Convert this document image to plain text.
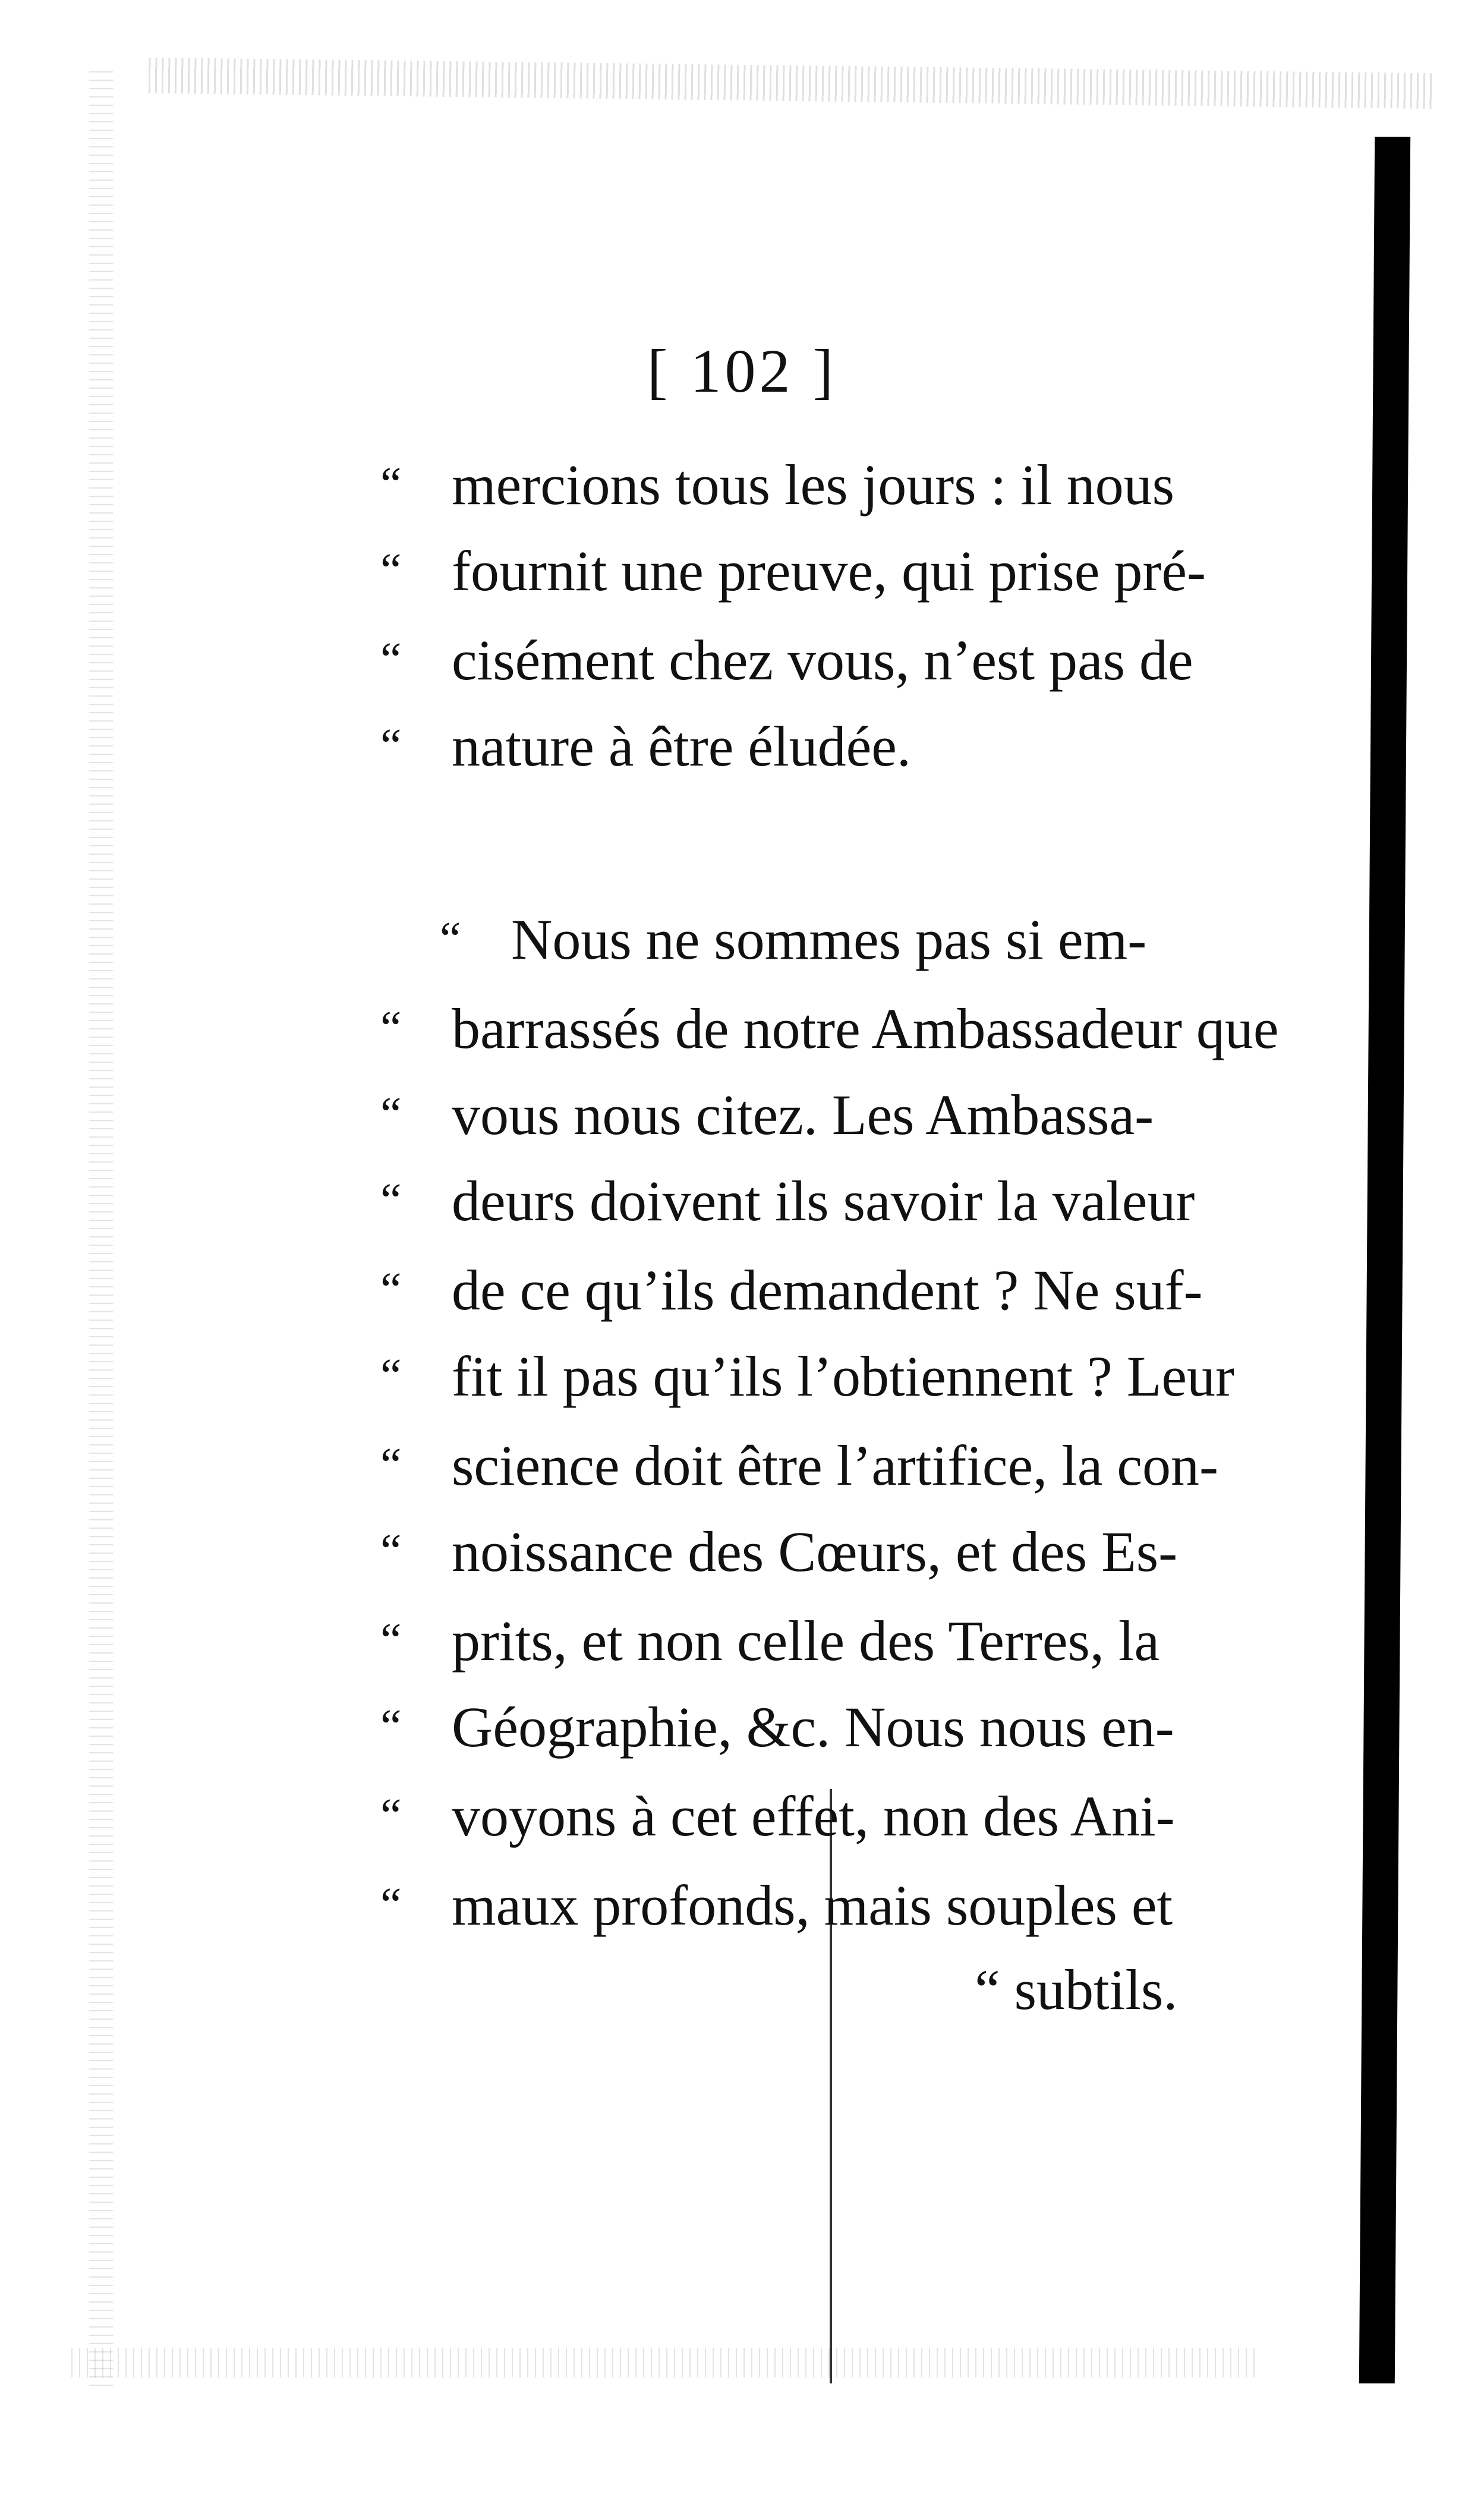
[ 102 ]
“ mercions tous les jours : il nous
“ fournit une preuve, qui prise pré-
“ cisément chez vous, n’est pas de
“ nature à être éludée.
“ Nous ne sommes pas si em-
“ barrassés de notre Ambassadeur que
“ vous nous citez. Les Ambassa-
“ deurs doivent ils savoir la valeur
“ de ce qu’ils demandent ? Ne suf-
“ fit il pas qu’ils l’obtiennent ? Leur
“ science doit être l’artifice, la con-
“ noissance des Cœurs, et des Es-
“ prits, et non celle des Terres, la
“ Géographie, &c. Nous nous en-
“ voyons à cet effet, non des Ani-
“ maux profonds, mais souples et
“ subtils.
